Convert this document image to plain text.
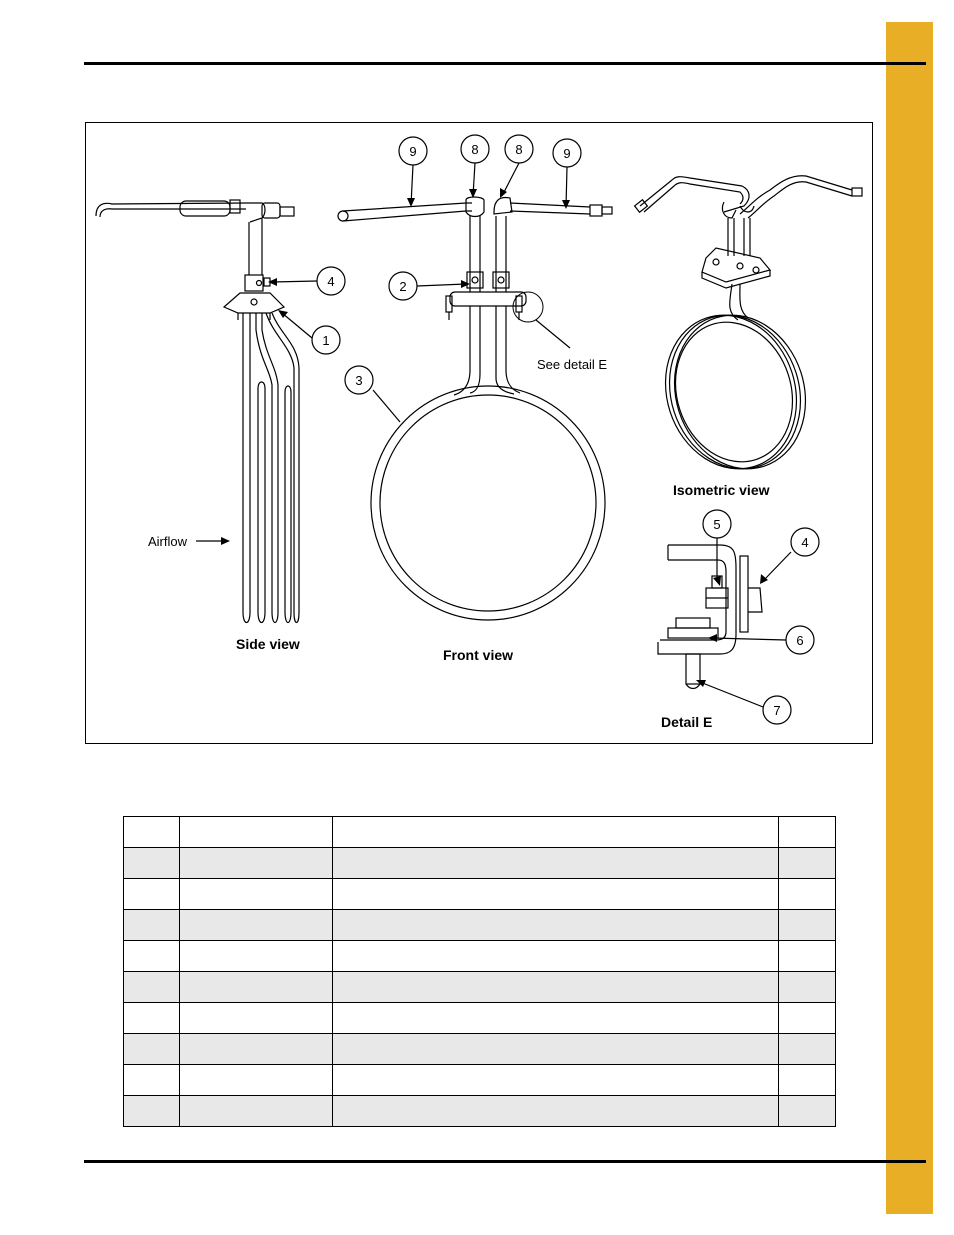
9	8	8	9
4	2
1
3
4
5
6
7
Airflow
See detail E
Side view
Front view
Isometric view
Detail E
